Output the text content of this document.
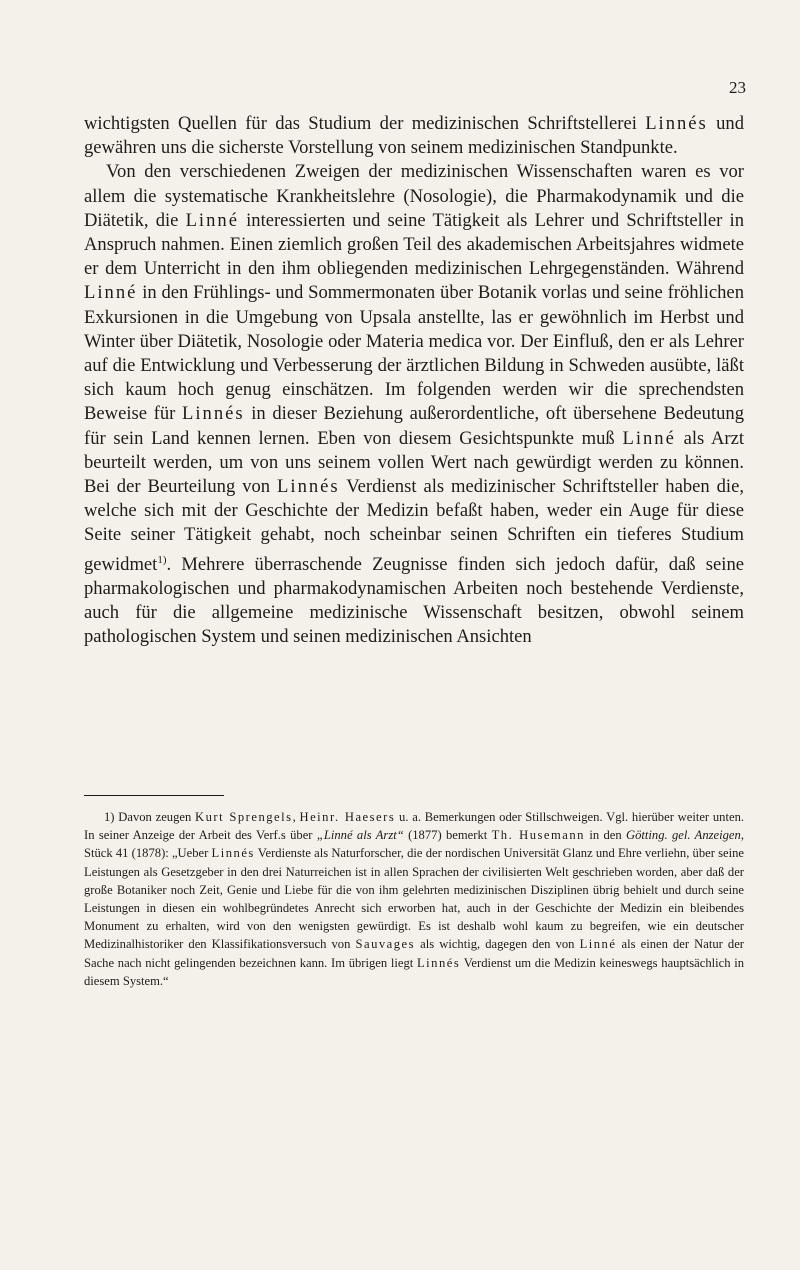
23

wichtigsten Quellen für das Studium der medizinischen Schriftstellerei Linnés und gewähren uns die sicherste Vorstellung von seinem medizinischen Standpunkte.

Von den verschiedenen Zweigen der medizinischen Wissenschaften waren es vor allem die systematische Krankheitslehre (Nosologie), die Pharmakodynamik und die Diätetik, die Linné interessierten und seine Tätigkeit als Lehrer und Schriftsteller in Anspruch nahmen. Einen ziemlich großen Teil des akademischen Arbeitsjahres widmete er dem Unterricht in den ihm obliegenden medizinischen Lehrgegenständen. Während Linné in den Frühlings- und Sommermonaten über Botanik vorlas und seine fröhlichen Exkursionen in die Umgebung von Upsala anstellte, las er gewöhnlich im Herbst und Winter über Diätetik, Nosologie oder Materia medica vor. Der Einfluß, den er als Lehrer auf die Entwicklung und Verbesserung der ärztlichen Bildung in Schweden ausübte, läßt sich kaum hoch genug einschätzen. Im folgenden werden wir die sprechendsten Beweise für Linnés in dieser Beziehung außerordentliche, oft übersehene Bedeutung für sein Land kennen lernen. Eben von diesem Gesichtspunkte muß Linné als Arzt beurteilt werden, um von uns seinem vollen Wert nach gewürdigt werden zu können. Bei der Beurteilung von Linnés Verdienst als medizinischer Schriftsteller haben die, welche sich mit der Geschichte der Medizin befaßt haben, weder ein Auge für diese Seite seiner Tätigkeit gehabt, noch scheinbar seinen Schriften ein tieferes Studium gewidmet$^{1)}$. Mehrere überraschende Zeugnisse finden sich jedoch dafür, daß seine pharmakologischen und pharmakodynamischen Arbeiten noch bestehende Verdienste, auch für die allgemeine medizinische Wissenschaft besitzen, obwohl seinem pathologischen System und seinen medizinischen Ansichten

1) Davon zeugen Kurt Sprengels, Heinr. Haesers u. a. Bemerkungen oder Stillschweigen. Vgl. hierüber weiter unten. In seiner Anzeige der Arbeit des Verf.s über „Linné als Arzt“ (1877) bemerkt Th. Husemann in den Götting. gel. Anzeigen, Stück 41 (1878): „Ueber Linnés Verdienste als Naturforscher, die der nordischen Universität Glanz und Ehre verliehn, über seine Leistungen als Gesetzgeber in den drei Naturreichen ist in allen Sprachen der civilisierten Welt geschrieben worden, aber daß der große Botaniker noch Zeit, Genie und Liebe für die von ihm gelehrten medizinischen Disziplinen übrig behielt und durch seine Leistungen in diesen ein wohlbegründetes Anrecht sich erworben hat, auch in der Geschichte der Medizin ein bleibendes Monument zu erhalten, wird von den wenigsten gewürdigt. Es ist deshalb wohl kaum zu begreifen, wie ein deutscher Medizinalhistoriker den Klassifikationsversuch von Sauvages als wichtig, dagegen den von Linné als einen der Natur der Sache nach nicht gelingenden bezeichnen kann. Im übrigen liegt Linnés Verdienst um die Medizin keineswegs hauptsächlich in diesem System.“
